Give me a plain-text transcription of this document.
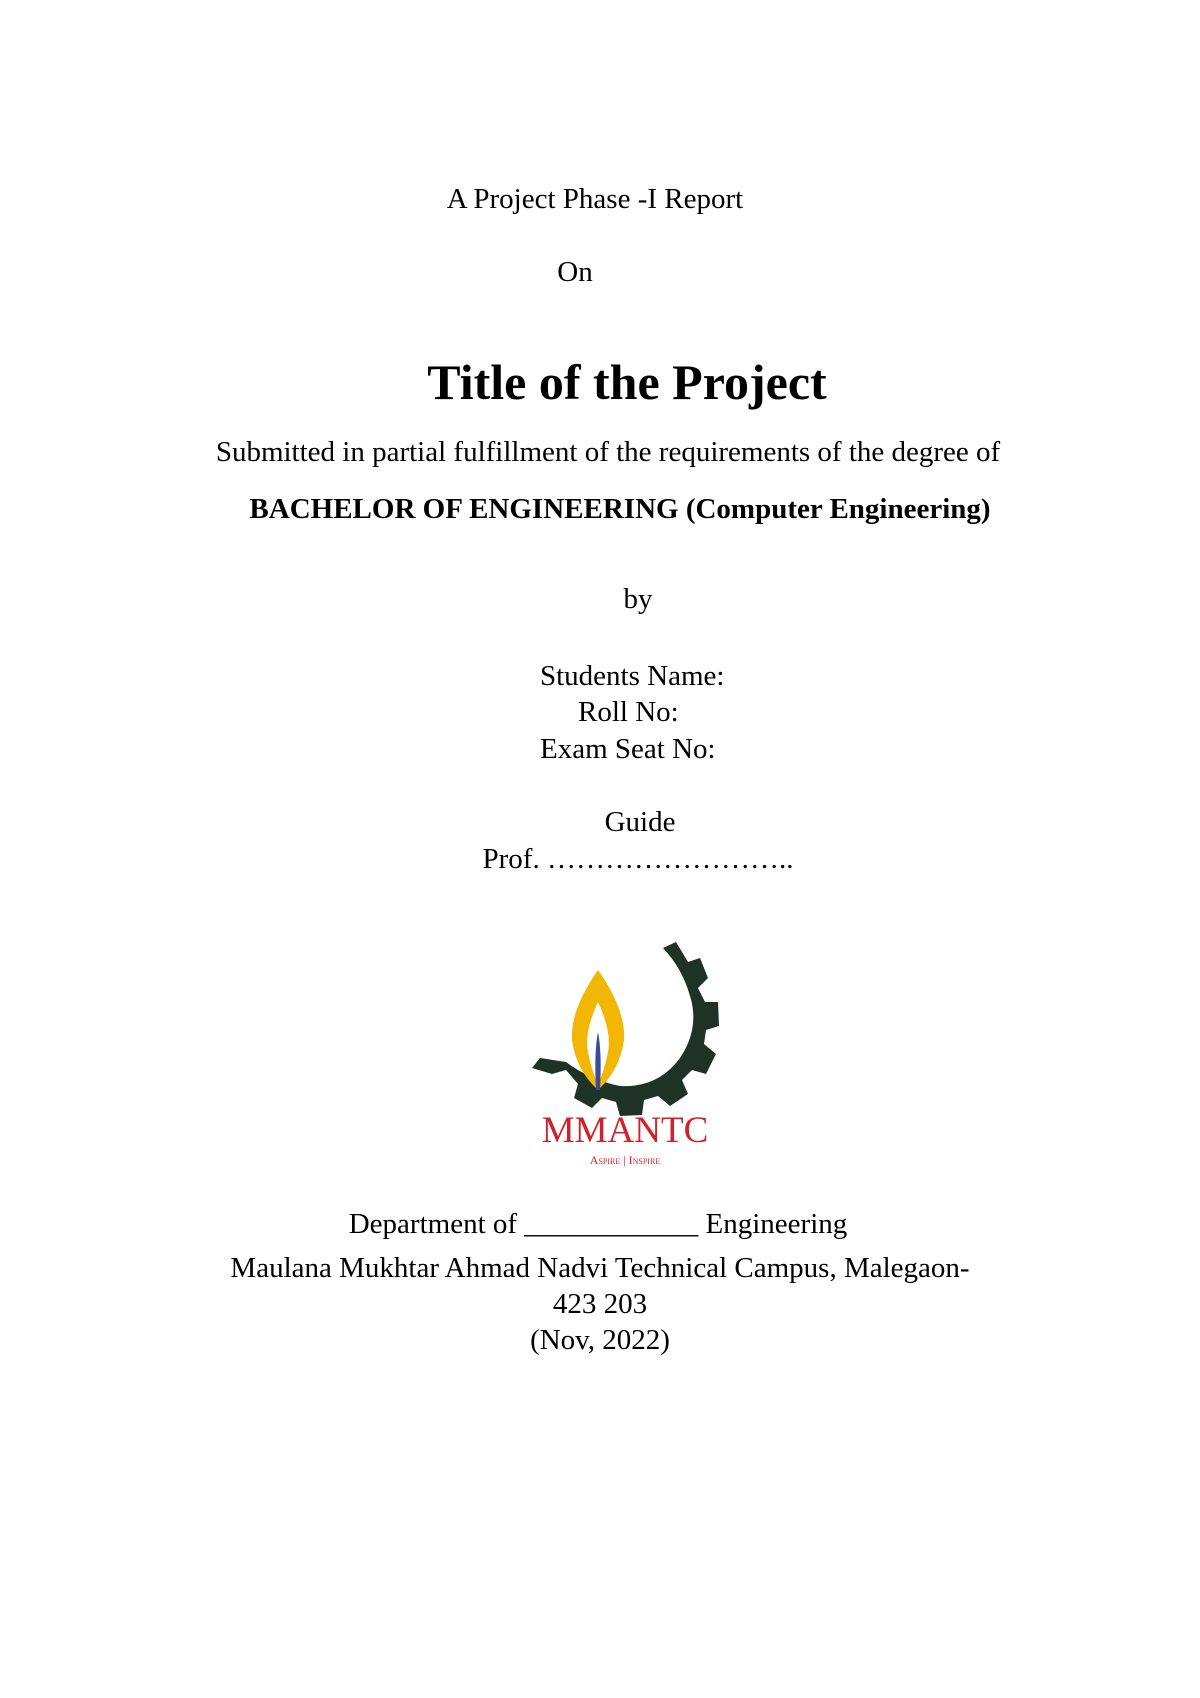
A Project Phase -I Report
On
Title of the Project
Submitted in partial fulfillment of the requirements of the degree of
BACHELOR OF ENGINEERING (Computer Engineering)
by
Students Name:
Roll No:
Exam Seat No:
Guide
Prof. ……………………..
MMANTC
Aspire | Inspire
Department of ____________ Engineering
Maulana Mukhtar Ahmad Nadvi Technical Campus, Malegaon-
423 203
(Nov, 2022)
